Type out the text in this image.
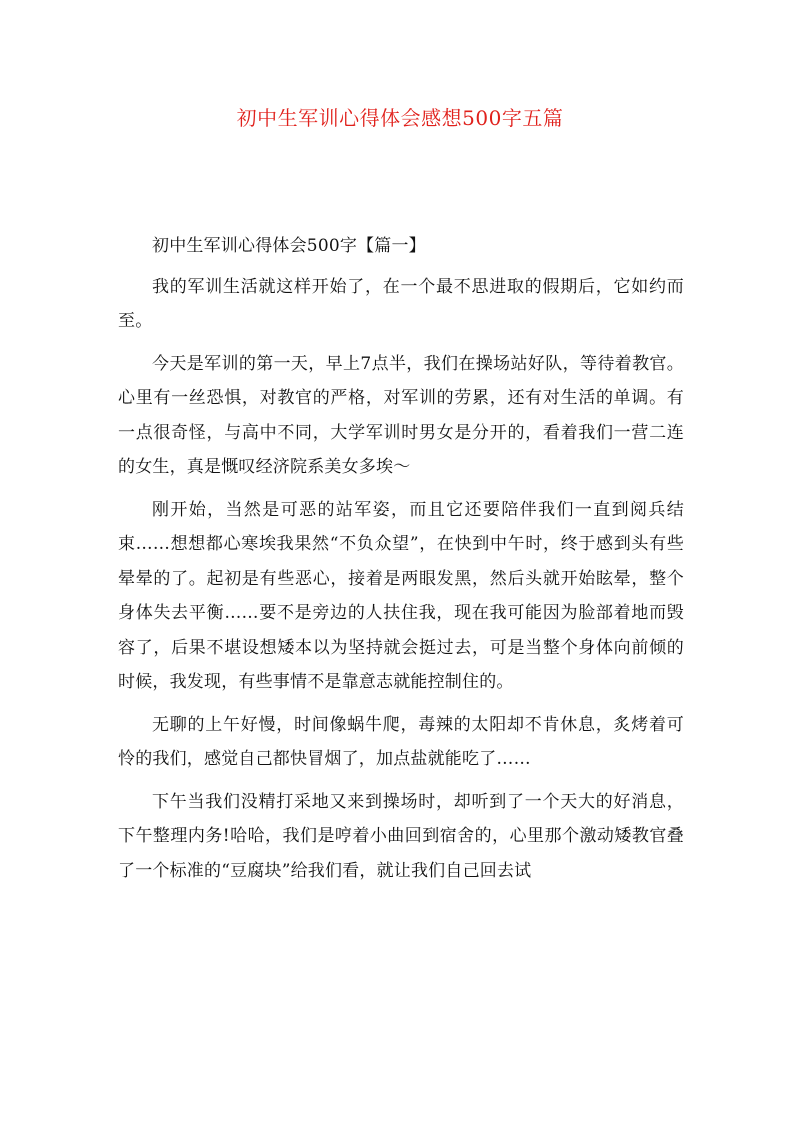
初中生军训心得体会感想500字五篇

初中生军训心得体会500字【篇一】

我的军训生活就这样开始了，在一个最不思进取的假期后，它如约而至。

今天是军训的第一天，早上7点半，我们在操场站好队，等待着教官。心里有一丝恐惧，对教官的严格，对军训的劳累，还有对生活的单调。有一点很奇怪，与高中不同，大学军训时男女是分开的，看着我们一营二连的女生，真是慨叹经济院系美女多埃～

刚开始，当然是可恶的站军姿，而且它还要陪伴我们一直到阅兵结束……想想都心寒埃我果然“不负众望”，在快到中午时，终于感到头有些晕晕的了。起初是有些恶心，接着是两眼发黑，然后头就开始眩晕，整个身体失去平衡……要不是旁边的人扶住我，现在我可能因为脸部着地而毁容了，后果不堪设想矮本以为坚持就会挺过去，可是当整个身体向前倾的时候，我发现，有些事情不是靠意志就能控制住的。

无聊的上午好慢，时间像蜗牛爬，毒辣的太阳却不肯休息，炙烤着可怜的我们，感觉自己都快冒烟了，加点盐就能吃了……

下午当我们没精打采地又来到操场时，却听到了一个天大的好消息，下午整理内务!哈哈，我们是哼着小曲回到宿舍的，心里那个激动矮教官叠了一个标准的“豆腐块”给我们看，就让我们自己回去试
